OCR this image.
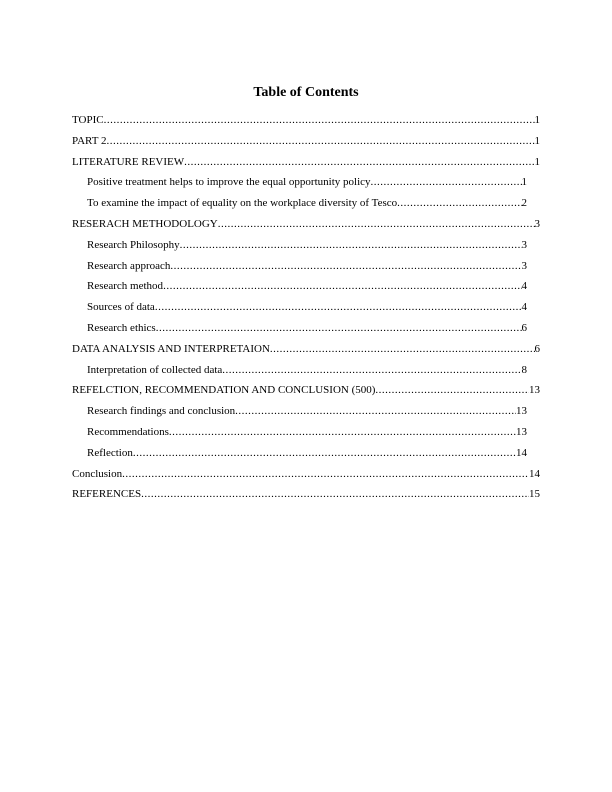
Table of Contents
TOPIC .....	1
PART 2 .....	1
LITERATURE REVIEW .....	1
Positive treatment helps to improve the equal opportunity policy .....	1
To examine the impact of equality on the workplace diversity of Tesco .....	2
RESERACH METHODOLOGY .....	3
Research Philosophy .....	3
Research approach .....	3
Research method .....	4
Sources of data .....	4
Research ethics .....	6
DATA ANALYSIS AND INTERPRETAION .....	6
Interpretation of collected data .....	8
REFELCTION, RECOMMENDATION AND CONCLUSION (500) .....	13
Research findings and conclusion .....	13
Recommendations .....	13
Reflection .....	14
Conclusion .....	14
REFERENCES .....	15
